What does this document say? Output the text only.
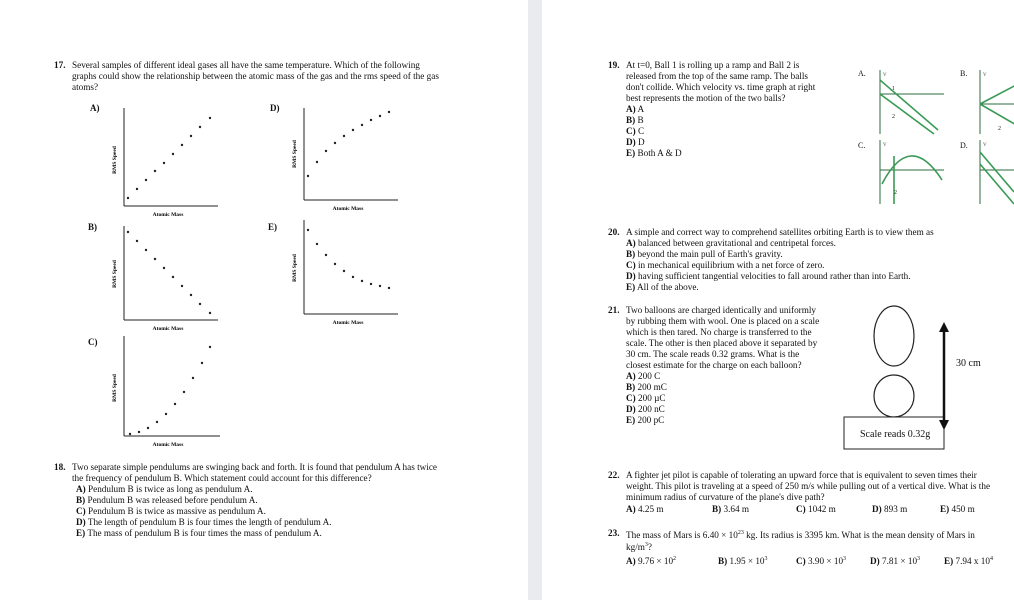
17. Several samples of different ideal gases all have the same temperature. Which of the following
graphs could show the relationship between the atomic mass of the gas and the rms speed of the gas
atoms?
A)
B)
C)
D)
E)
Atomic Mass
RMS Speed
Atomic Mass
RMS Speed
Atomic Mass
RMS Speed
Atomic Mass
RMS Speed
Atomic Mass
RMS Speed
18. Two separate simple pendulums are swinging back and forth. It is found that pendulum A has twice
the frequency of pendulum B. Which statement could account for this difference?
A) Pendulum B is twice as long as pendulum A.
B) Pendulum B was released before pendulum A.
C) Pendulum B is twice as massive as pendulum A.
D) The length of pendulum B is four times the length of pendulum A.
E) The mass of pendulum B is four times the mass of pendulum A.
19. At t=0, Ball 1 is rolling up a ramp and Ball 2 is
released from the top of the same ramp. The balls
don't collide. Which velocity vs. time graph at right
best represents the motion of the two balls?
A) A
B) B
C) C
D) D
E) Both A & D
A.	B.
C.	D.
1
2
V
2
V
2
V	V
20. A simple and correct way to comprehend satellites orbiting Earth is to view them as
A) balanced between gravitational and centripetal forces.
B) beyond the main pull of Earth's gravity.
C) in mechanical equilibrium with a net force of zero.
D) having sufficient tangential velocities to fall around rather than into Earth.
E) All of the above.
21. Two balloons are charged identically and uniformly
by rubbing them with wool. One is placed on a scale
which is then tared. No charge is transferred to the
scale. The other is then placed above it separated by
30 cm. The scale reads 0.32 grams. What is the
closest estimate for the charge on each balloon?
A) 200 C
B) 200 mC
C) 200 µC
D) 200 nC
E) 200 pC
30 cm
Scale reads 0.32g
22. A fighter jet pilot is capable of tolerating an upward force that is equivalent to seven times their
weight. This pilot is traveling at a speed of 250 m/s while pulling out of a vertical dive. What is the
minimum radius of curvature of the plane's dive path?
A) 4.25 m	B) 3.64 m	C) 1042 m	D) 893 m	E) 450 m
23. The mass of Mars is $6.40 \times 10^{23}$ kg. Its radius is 3395 km. What is the mean density of Mars in
$kg/m^3$?
A) $9.76 \times 10^2$	B) $1.95 \times 10^3$	C) $3.90 \times 10^3$	D) $7.81 \times 10^3$	E) 7.94 x $10^4$
